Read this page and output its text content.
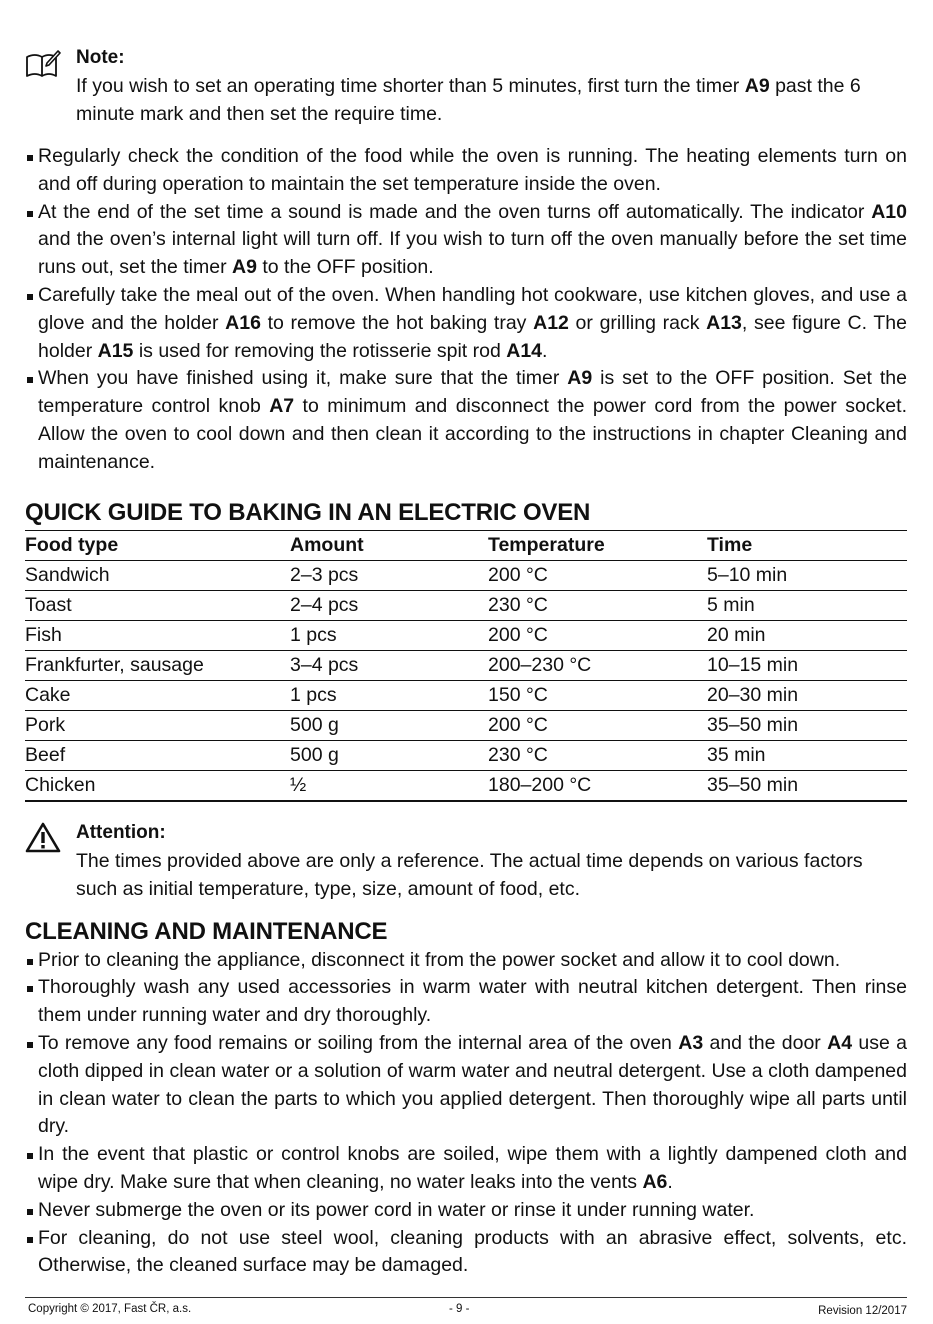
Note:

If you wish to set an operating time shorter than 5 minutes, first turn the timer A9 past the 6 minute mark and then set the require time.

Regularly check the condition of the food while the oven is running. The heating elements turn on and off during operation to maintain the set temperature inside the oven.
At the end of the set time a sound is made and the oven turns off automatically. The indicator A10 and the oven’s internal light will turn off. If you wish to turn off the oven manually before the set time runs out, set the timer A9 to the OFF position.
Carefully take the meal out of the oven. When handling hot cookware, use kitchen gloves, and use a glove and the holder A16 to remove the hot baking tray A12 or grilling rack A13, see figure C. The holder A15 is used for removing the rotisserie spit rod A14.
When you have finished using it, make sure that the timer A9 is set to the OFF position. Set the temperature control knob A7 to minimum and disconnect the power cord from the power socket. Allow the oven to cool down and then clean it according to the instructions in chapter Cleaning and maintenance.
QUICK GUIDE TO BAKING IN AN ELECTRIC OVEN
Food type	Amount	Temperature	Time
Sandwich	2–3 pcs	200 °C	5–10 min
Toast	2–4 pcs	230 °C	5 min
Fish	1 pcs	200 °C	20 min
Frankfurter, sausage	3–4 pcs	200–230 °C	10–15 min
Cake	1 pcs	150 °C	20–30 min
Pork	500 g	200 °C	35–50 min
Beef	500 g	230 °C	35 min
Chicken	½	180–200 °C	35–50 min
Attention:

The times provided above are only a reference. The actual time depends on various factors such as initial temperature, type, size, amount of food, etc.

CLEANING AND MAINTENANCE
Prior to cleaning the appliance, disconnect it from the power socket and allow it to cool down.
Thoroughly wash any used accessories in warm water with neutral kitchen detergent. Then rinse them under running water and dry thoroughly.
To remove any food remains or soiling from the internal area of the oven A3 and the door A4 use a cloth dipped in clean water or a solution of warm water and neutral detergent. Use a cloth dampened in clean water to clean the parts to which you applied detergent. Then thoroughly wipe all parts until dry.
In the event that plastic or control knobs are soiled, wipe them with a lightly dampened cloth and wipe dry. Make sure that when cleaning, no water leaks into the vents A6.
Never submerge the oven or its power cord in water or rinse it under running water.
For cleaning, do not use steel wool, cleaning products with an abrasive effect, solvents, etc. Otherwise, the cleaned surface may be damaged.
Copyright © 2017, Fast ČR, a.s.	- 9 -	Revision 12/2017
